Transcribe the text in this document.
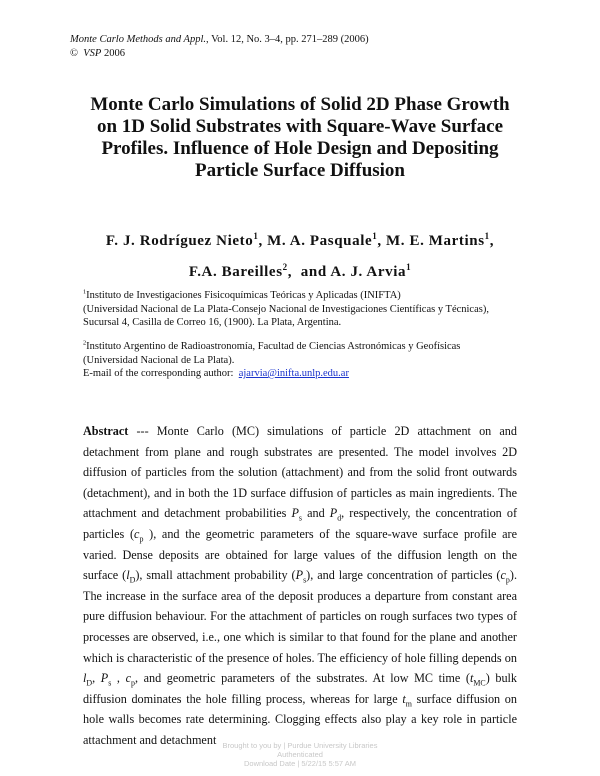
Monte Carlo Methods and Appl., Vol. 12, No. 3–4, pp. 271–289 (2006)
© VSP 2006
Monte Carlo Simulations of Solid 2D Phase Growth
on 1D Solid Substrates with Square-Wave Surface
Profiles. Influence of Hole Design and Depositing
Particle Surface Diffusion
F. J. Rodríguez Nieto$^1$, M. A. Pasquale$^1$, M. E. Martins$^1$,
F.A. Bareilles$^2$,  and A. J. Arvia$^1$
$^1$Instituto de Investigaciones Fisicoquímicas Teóricas y Aplicadas (INIFTA)
(Universidad Nacional de La Plata-Consejo Nacional de Investigaciones Científicas y Técnicas),
Sucursal 4, Casilla de Correo 16, (1900). La Plata, Argentina.
$^2$Instituto Argentino de Radioastronomía, Facultad de Ciencias Astronómicas y Geofísicas
(Universidad Nacional de La Plata).
E-mail of the corresponding author: ajarvia@inifta.unlp.edu.ar
Abstract --- Monte Carlo (MC) simulations of particle 2D attachment on and detachment from plane and rough substrates are presented. The model involves 2D diffusion of particles from the solution (attachment) and from the solid front outwards (detachment), and in both the 1D surface diffusion of particles as main ingredients. The attachment and detachment probabilities $P_s$ and $P_d$, respectively, the concentration of particles ($c_p$ ), and the geometric parameters of the square-wave surface profile are varied. Dense deposits are obtained for large values of the diffusion length on the surface $(l_D)$, small attachment probability $(P_s)$, and large concentration of particles $(c_p)$. The increase in the surface area of the deposit produces a departure from constant area pure diffusion behaviour. For the attachment of particles on rough surfaces two types of processes are observed, i.e., one which is similar to that found for the plane and another which is characteristic of the presence of holes. The efficiency of hole filling depends on $l_D$, $P_s$ , $c_p$, and geometric parameters of the substrates. At low MC time $(t_{MC})$ bulk diffusion dominates the hole filling process, whereas for large $t_m$ surface diffusion on hole walls becomes rate determining. Clogging effects also play a key role in particle attachment and detachment Brought to you by | Purdue University Libraries
Authenticated
Download Date | 5/22/15 5:57 AM
